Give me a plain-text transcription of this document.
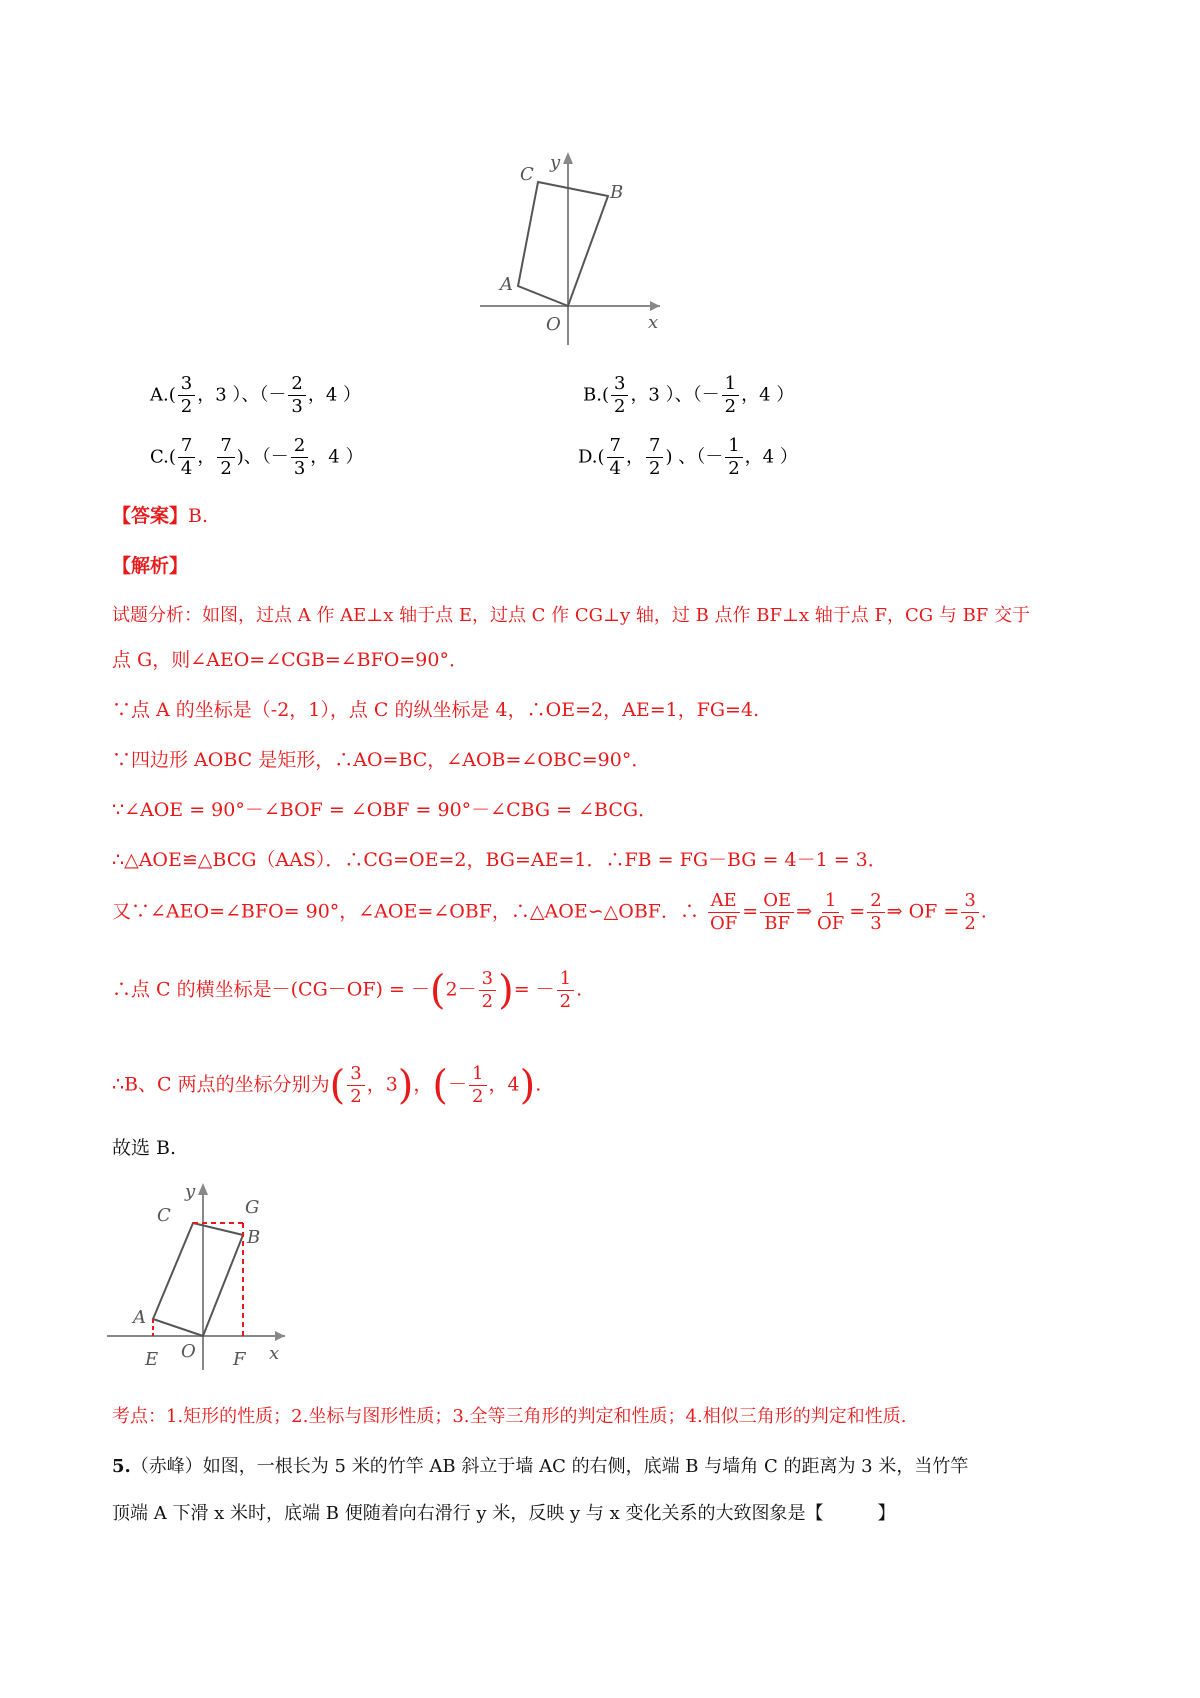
y
x
O
A
B
C
$A.( \frac{3}{2}$ ，3 ）、（－ $\frac{2}{3}$ ，4 ）	$B.( \frac{3}{2}$ ，3 ）、（－ $\frac{1}{2}$ ，4 ）
$C.( \frac{7}{4}$ ， $\frac{7}{2}$ )、（－ $\frac{2}{3}$ ，4 ）	$D.( \frac{7}{4}$ ， $\frac{7}{2}$ ) 、（－ $\frac{1}{2}$ ，4 ）
【答案】B.
【解析】
试题分析：如图，过点 A 作 AE⊥x 轴于点 E，过点 C 作 CG⊥y 轴，过 B 点作 BF⊥x 轴于点 F，CG 与 BF 交于
点 G，则∠AEO=∠CGB=∠BFO=90°．
∵点 A 的坐标是（-2，1），点 C 的纵坐标是 4，∴OE=2，AE=1，FG=4.
∵四边形 AOBC 是矩形，∴AO=BC，∠AOB=∠OBC=90°．
∵∠AOE = 90°－∠BOF = ∠OBF = 90°－∠CBG = ∠BCG．
∴△AOE≌△BCG（AAS）．∴CG=OE=2，BG=AE=1．∴FB = FG－BG = 4－1 = 3．
又∵∠AEO=∠BFO= 90°，∠AOE=∠OBF，∴△AOE∽△OBF．∴ $\frac{AE}{OF} = \frac{OE}{BF}$ ⇒ $\frac{1}{OF} = \frac{2}{3}$ ⇒ OF = $\frac{3}{2}$ .
∴点 C 的横坐标是$-(CG-OF) = -(2- \frac{3}{2}$ )= － $\frac{1}{2}$ .
∴B、C 两点的坐标分别为( $\frac{3}{2}$ ，3)，(－ $\frac{1}{2}$ ，4).
故选 B.
y
G
C
B
A
E O F x
考点：1.矩形的性质；2.坐标与图形性质；3.全等三角形的判定和性质；4.相似三角形的判定和性质.
5.（赤峰）如图，一根长为 5 米的竹竿 AB 斜立于墙 AC 的右侧，底端 B 与墙角 C 的距离为 3 米，当竹竿
顶端 A 下滑 x 米时，底端 B 便随着向右滑行 y 米，反映 y 与 x 变化关系的大致图象是【　　　】
